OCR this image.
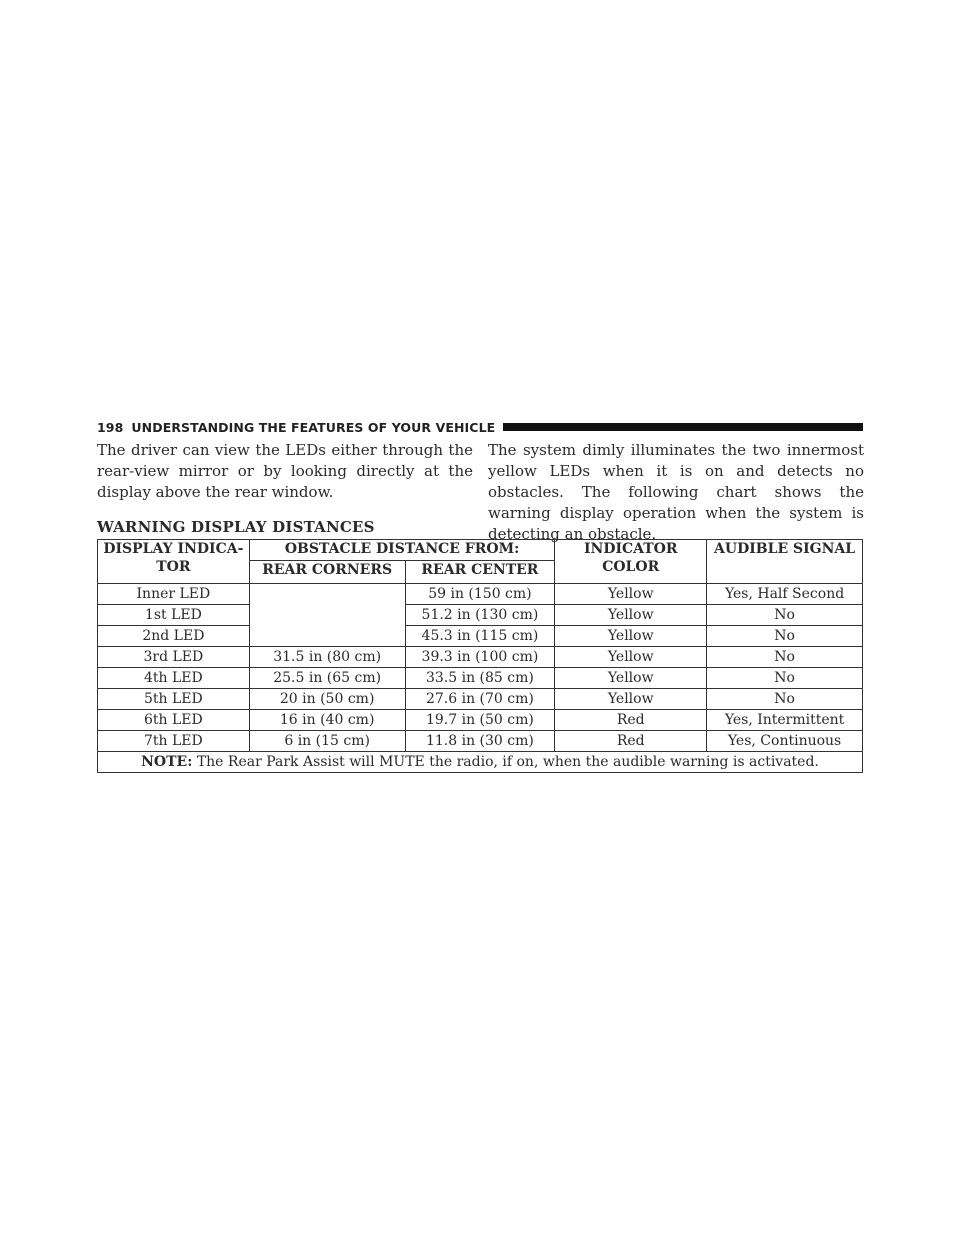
198 UNDERSTANDING THE FEATURES OF YOUR VEHICLE
The driver can view the LEDs either through the rear-view mirror or by looking directly at the display above the rear window.
The system dimly illuminates the two innermost yellow LEDs when it is on and detects no obstacles. The following chart shows the warning display operation when the system is detecting an obstacle.
WARNING DISPLAY DISTANCES
DISPLAY INDICA-TOR	OBSTACLE DISTANCE FROM:		INDICATOR COLOR	AUDIBLE SIGNAL
	REAR CORNERS	REAR CENTER		
Inner LED		59 in (150 cm)	Yellow	Yes, Half Second
1st LED		51.2 in (130 cm)	Yellow	No
2nd LED		45.3 in (115 cm)	Yellow	No
3rd LED	31.5 in (80 cm)	39.3 in (100 cm)	Yellow	No
4th LED	25.5 in (65 cm)	33.5 in (85 cm)	Yellow	No
5th LED	20 in (50 cm)	27.6 in (70 cm)	Yellow	No
6th LED	16 in (40 cm)	19.7 in (50 cm)	Red	Yes, Intermittent
7th LED	6 in (15 cm)	11.8 in (30 cm)	Red	Yes, Continuous
NOTE: The Rear Park Assist will MUTE the radio, if on, when the audible warning is activated.				
